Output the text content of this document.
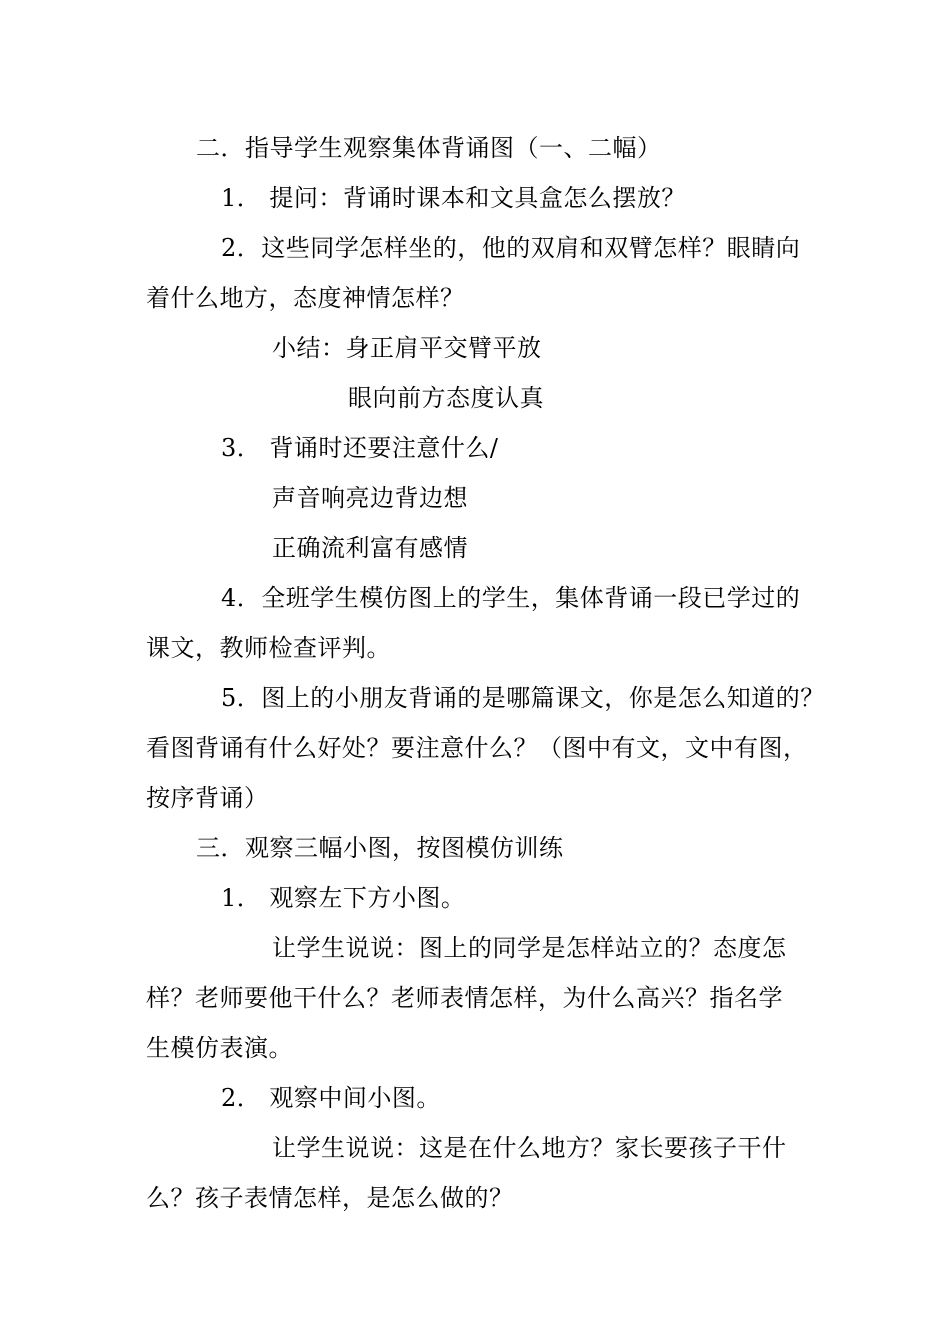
二．指导学生观察集体背诵图（一、二幅）
1． 提问：背诵时课本和文具盒怎么摆放？
2．这些同学怎样坐的，他的双肩和双臂怎样？眼睛向
着什么地方，态度神情怎样？
小结：身正肩平交臂平放
眼向前方态度认真
3． 背诵时还要注意什么/
声音响亮边背边想
正确流利富有感情
4．全班学生模仿图上的学生，集体背诵一段已学过的
课文，教师检查评判。
5．图上的小朋友背诵的是哪篇课文，你是怎么知道的？
看图背诵有什么好处？要注意什么？（图中有文，文中有图，
按序背诵）
三．观察三幅小图，按图模仿训练
1． 观察左下方小图。
让学生说说：图上的同学是怎样站立的？态度怎
样？老师要他干什么？老师表情怎样，为什么高兴？指名学
生模仿表演。
2． 观察中间小图。
让学生说说：这是在什么地方？家长要孩子干什
么？孩子表情怎样，是怎么做的？
